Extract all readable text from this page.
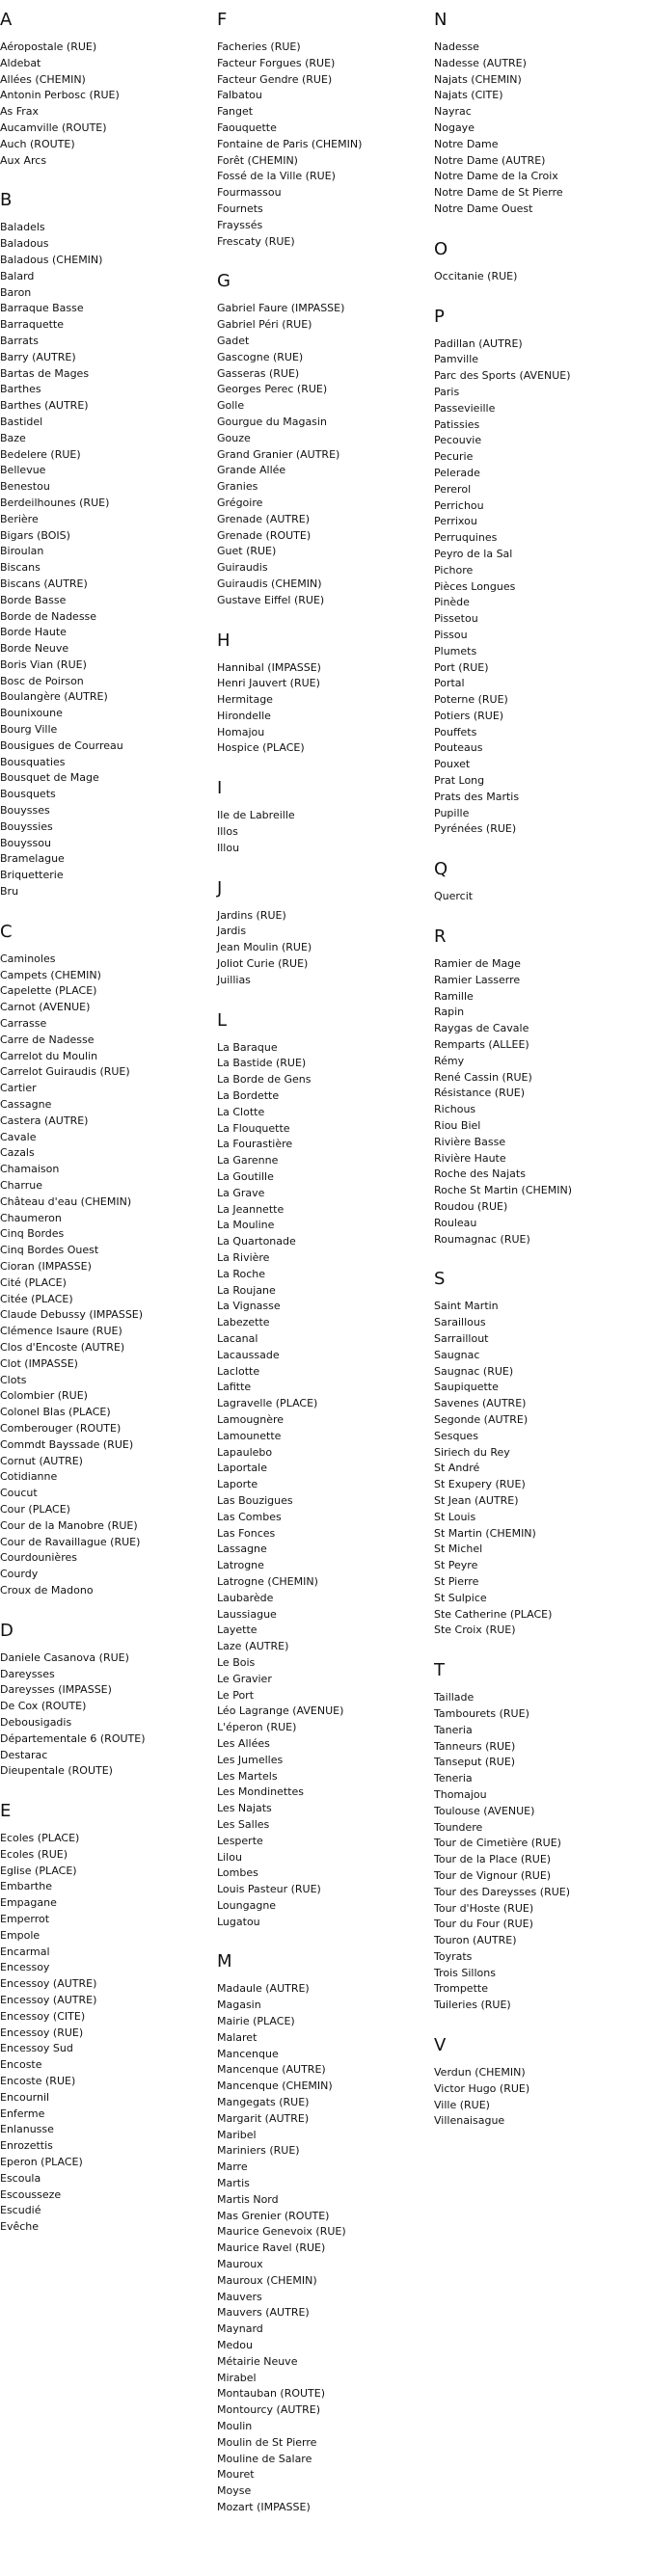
A
Aéropostale (RUE)
Aldebat
Allées (CHEMIN)
Antonin Perbosc (RUE)
As Frax
Aucamville (ROUTE)
Auch (ROUTE)
Aux Arcs
B
Baladels
Baladous
Baladous (CHEMIN)
Balard
Baron
Barraque Basse
Barraquette
Barrats
Barry (AUTRE)
Bartas de Mages
Barthes
Barthes (AUTRE)
Bastidel
Baze
Bedelere (RUE)
Bellevue
Benestou
Berdeilhounes (RUE)
Berière
Bigars (BOIS)
Biroulan
Biscans
Biscans (AUTRE)
Borde Basse
Borde de Nadesse
Borde Haute
Borde Neuve
Boris Vian (RUE)
Bosc de Poirson
Boulangère (AUTRE)
Bounixoune
Bourg Ville
Bousigues de Courreau
Bousquaties
Bousquet de Mage
Bousquets
Bouysses
Bouyssies
Bouyssou
Bramelague
Briquetterie
Bru
C
Caminoles
Campets (CHEMIN)
Capelette (PLACE)
Carnot (AVENUE)
Carrasse
Carre de Nadesse
Carrelot du Moulin
Carrelot Guiraudis (RUE)
Cartier
Cassagne
Castera (AUTRE)
Cavale
Cazals
Chamaison
Charrue
Château d'eau (CHEMIN)
Chaumeron
Cinq Bordes
Cinq Bordes Ouest
Cioran (IMPASSE)
Cité (PLACE)
Citée (PLACE)
Claude Debussy (IMPASSE)
Clémence Isaure (RUE)
Clos d'Encoste (AUTRE)
Clot (IMPASSE)
Clots
Colombier (RUE)
Colonel Blas (PLACE)
Comberouger (ROUTE)
Commdt Bayssade (RUE)
Cornut (AUTRE)
Cotidianne
Coucut
Cour (PLACE)
Cour de la Manobre (RUE)
Cour de Ravaillague (RUE)
Courdounières
Courdy
Croux de Madono
D
Daniele Casanova (RUE)
Dareysses
Dareysses (IMPASSE)
De Cox (ROUTE)
Debousigadis
Départementale 6 (ROUTE)
Destarac
Dieupentale (ROUTE)
E
Ecoles (PLACE)
Ecoles (RUE)
Eglise (PLACE)
Embarthe
Empagane
Emperrot
Empole
Encarmal
Encessoy
Encessoy (AUTRE)
Encessoy (AUTRE)
Encessoy (CITE)
Encessoy (RUE)
Encessoy Sud
Encoste
Encoste (RUE)
Encournil
Enferme
Enlanusse
Enrozettis
Eperon (PLACE)
Escoula
Escousseze
Escudié
Evêche
F
Facheries (RUE)
Facteur Forgues (RUE)
Facteur Gendre (RUE)
Falbatou
Fanget
Faouquette
Fontaine de Paris (CHEMIN)
Forêt (CHEMIN)
Fossé de la Ville (RUE)
Fourmassou
Fournets
Frayssés
Frescaty (RUE)
G
Gabriel Faure (IMPASSE)
Gabriel Péri (RUE)
Gadet
Gascogne (RUE)
Gasseras (RUE)
Georges Perec (RUE)
Golle
Gourgue du Magasin
Gouze
Grand Granier (AUTRE)
Grande Allée
Granies
Grégoire
Grenade (AUTRE)
Grenade (ROUTE)
Guet (RUE)
Guiraudis
Guiraudis (CHEMIN)
Gustave Eiffel (RUE)
H
Hannibal (IMPASSE)
Henri Jauvert (RUE)
Hermitage
Hirondelle
Homajou
Hospice (PLACE)
I
Ile de Labreille
Illos
Illou
J
Jardins (RUE)
Jardis
Jean Moulin (RUE)
Joliot Curie (RUE)
Juillias
L
La Baraque
La Bastide (RUE)
La Borde de Gens
La Bordette
La Clotte
La Flouquette
La Fourastière
La Garenne
La Goutille
La Grave
La Jeannette
La Mouline
La Quartonade
La Rivière
La Roche
La Roujane
La Vignasse
Labezette
Lacanal
Lacaussade
Laclotte
Lafitte
Lagravelle (PLACE)
Lamougnère
Lamounette
Lapaulebo
Laportale
Laporte
Las Bouzigues
Las Combes
Las Fonces
Lassagne
Latrogne
Latrogne (CHEMIN)
Laubarède
Laussiague
Layette
Laze (AUTRE)
Le Bois
Le Gravier
Le Port
Léo Lagrange (AVENUE)
L'éperon (RUE)
Les Allées
Les Jumelles
Les Martels
Les Mondinettes
Les Najats
Les Salles
Lesperte
Lilou
Lombes
Louis Pasteur (RUE)
Loungagne
Lugatou
M
Madaule (AUTRE)
Magasin
Mairie (PLACE)
Malaret
Mancenque
Mancenque (AUTRE)
Mancenque (CHEMIN)
Mangegats (RUE)
Margarit (AUTRE)
Maribel
Mariniers (RUE)
Marre
Martis
Martis Nord
Mas Grenier (ROUTE)
Maurice Genevoix (RUE)
Maurice Ravel (RUE)
Mauroux
Mauroux (CHEMIN)
Mauvers
Mauvers (AUTRE)
Maynard
Medou
Métairie Neuve
Mirabel
Montauban (ROUTE)
Montourcy (AUTRE)
Moulin
Moulin de St Pierre
Mouline de Salare
Mouret
Moyse
Mozart (IMPASSE)
N
Nadesse
Nadesse (AUTRE)
Najats (CHEMIN)
Najats (CITE)
Nayrac
Nogaye
Notre Dame
Notre Dame (AUTRE)
Notre Dame de la Croix
Notre Dame de St Pierre
Notre Dame Ouest
O
Occitanie (RUE)
P
Padillan (AUTRE)
Pamville
Parc des Sports (AVENUE)
Paris
Passevieille
Patissies
Pecouvie
Pecurie
Pelerade
Pererol
Perrichou
Perrixou
Perruquines
Peyro de la Sal
Pichore
Pièces Longues
Pinède
Pissetou
Pissou
Plumets
Port (RUE)
Portal
Poterne (RUE)
Potiers (RUE)
Pouffets
Pouteaus
Pouxet
Prat Long
Prats des Martis
Pupille
Pyrénées (RUE)
Q
Quercit
R
Ramier de Mage
Ramier Lasserre
Ramille
Rapin
Raygas de Cavale
Remparts (ALLEE)
Rémy
René Cassin (RUE)
Résistance (RUE)
Richous
Riou Biel
Rivière Basse
Rivière Haute
Roche des Najats
Roche St Martin (CHEMIN)
Roudou (RUE)
Rouleau
Roumagnac (RUE)
S
Saint Martin
Saraillous
Sarraillout
Saugnac
Saugnac (RUE)
Saupiquette
Savenes (AUTRE)
Segonde (AUTRE)
Sesques
Siriech du Rey
St André
St Exupery (RUE)
St Jean (AUTRE)
St Louis
St Martin (CHEMIN)
St Michel
St Peyre
St Pierre
St Sulpice
Ste Catherine (PLACE)
Ste Croix (RUE)
T
Taillade
Tambourets (RUE)
Taneria
Tanneurs (RUE)
Tanseput (RUE)
Teneria
Thomajou
Toulouse (AVENUE)
Toundere
Tour de Cimetière (RUE)
Tour de la Place (RUE)
Tour de Vignour (RUE)
Tour des Dareysses (RUE)
Tour d'Hoste (RUE)
Tour du Four (RUE)
Touron (AUTRE)
Toyrats
Trois Sillons
Trompette
Tuileries (RUE)
V
Verdun (CHEMIN)
Victor Hugo (RUE)
Ville (RUE)
Villenaisague
